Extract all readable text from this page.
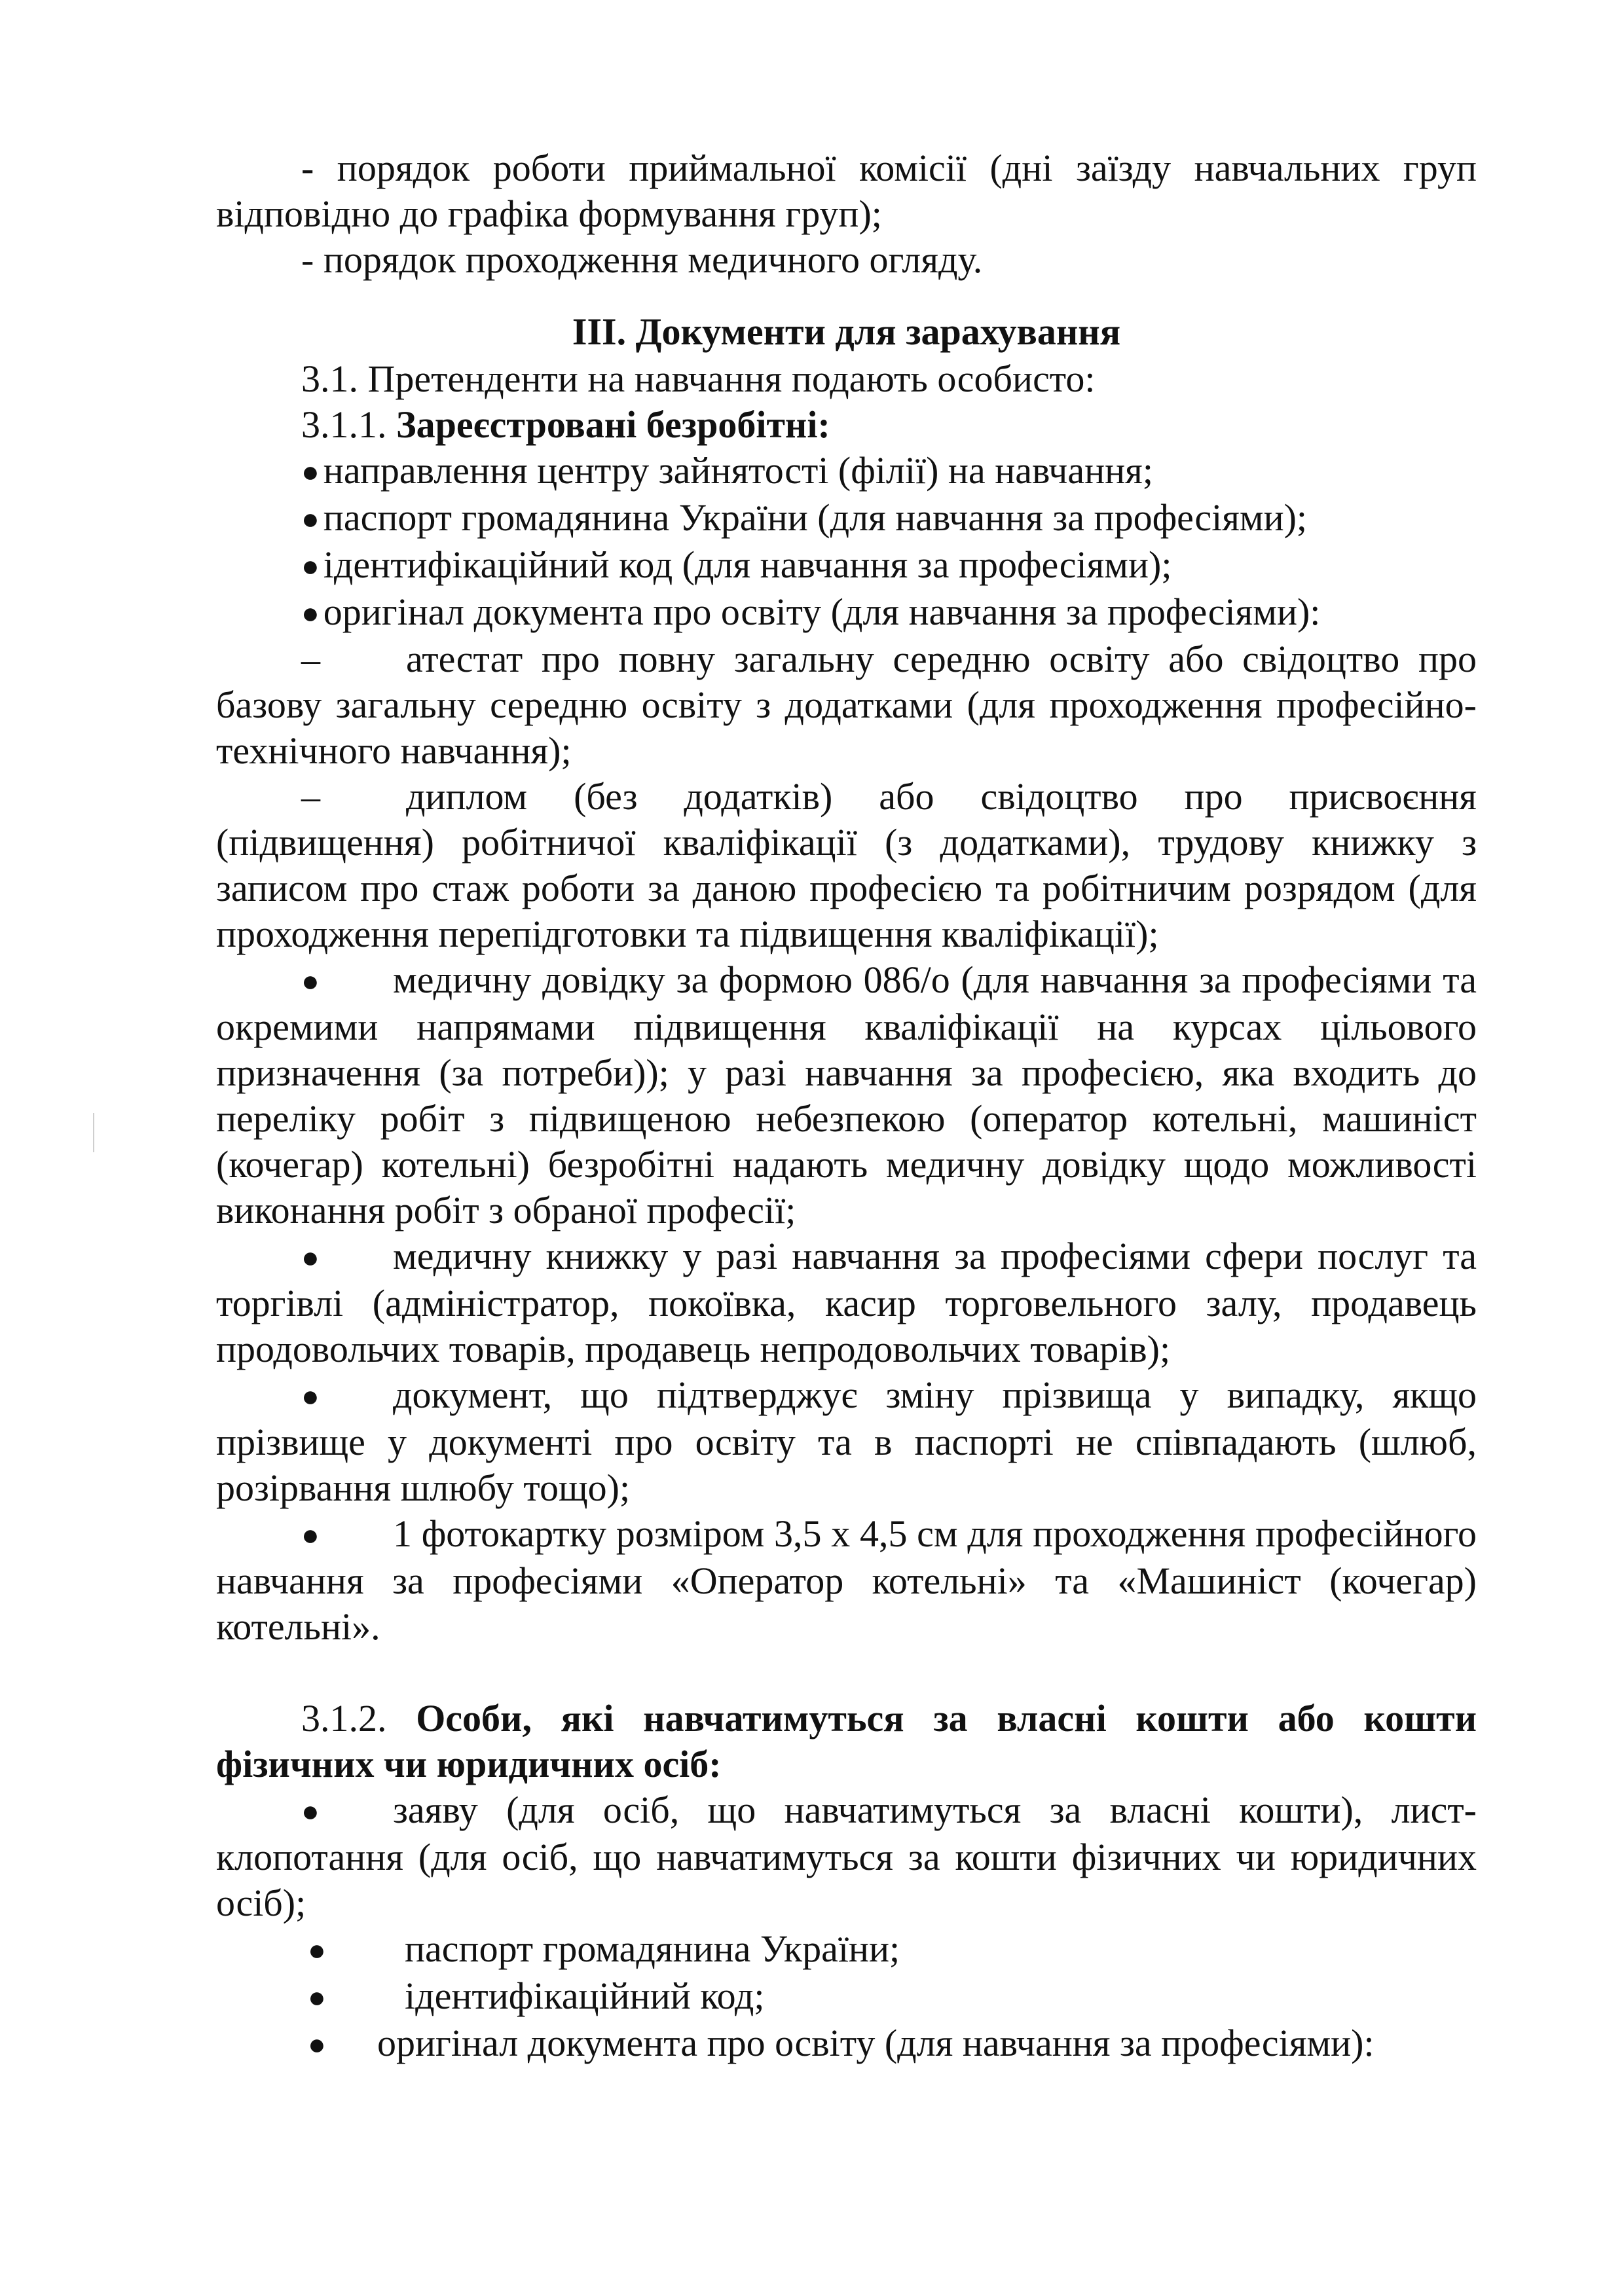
- порядок роботи приймальної комісії (дні заїзду навчальних груп відповідно до графіка формування груп);

- порядок проходження медичного огляду.

ІІІ. Документи для зарахування

3.1. Претенденти на навчання подають особисто:

3.1.1. Зареєстровані безробітні:

● направлення центру зайнятості (філії) на навчання;

● паспорт громадянина України (для навчання за професіями);

● ідентифікаційний код (для навчання за професіями);

● оригінал документа про освіту (для навчання за професіями):

– атестат про повну загальну середню освіту або свідоцтво про базову загальну середню освіту з додатками (для проходження професійно-технічного навчання);

– диплом (без додатків) або свідоцтво про присвоєння (підвищення) робітничої кваліфікації (з додатками), трудову книжку з записом про стаж роботи за даною професією та робітничим розрядом (для проходження перепідготовки та підвищення кваліфікації);

● медичну довідку за формою 086/о (для навчання за професіями та окремими напрямами підвищення кваліфікації на курсах цільового призначення (за потреби)); у разі навчання за професією, яка входить до переліку робіт з підвищеною небезпекою (оператор котельні, машиніст (кочегар) котельні) безробітні надають медичну довідку щодо можливості виконання робіт з обраної професії;

● медичну книжку у разі навчання за професіями сфери послуг та торгівлі (адміністратор, покоївка, касир торговельного залу, продавець продовольчих товарів, продавець непродовольчих товарів);

● документ, що підтверджує зміну прізвища у випадку, якщо прізвище у документі про освіту та в паспорті не співпадають (шлюб, розірвання шлюбу тощо);

● 1 фотокартку розміром 3,5 х 4,5 см для проходження професійного навчання за професіями «Оператор котельні» та «Машиніст (кочегар) котельні».

3.1.2. Особи, які навчатимуться за власні кошти або кошти фізичних чи юридичних осіб:

● заяву (для осіб, що навчатимуться за власні кошти), лист-клопотання (для осіб, що навчатимуться за кошти фізичних чи юридичних осіб);

● паспорт громадянина України;

● ідентифікаційний код;

● оригінал документа про освіту (для навчання за професіями):
